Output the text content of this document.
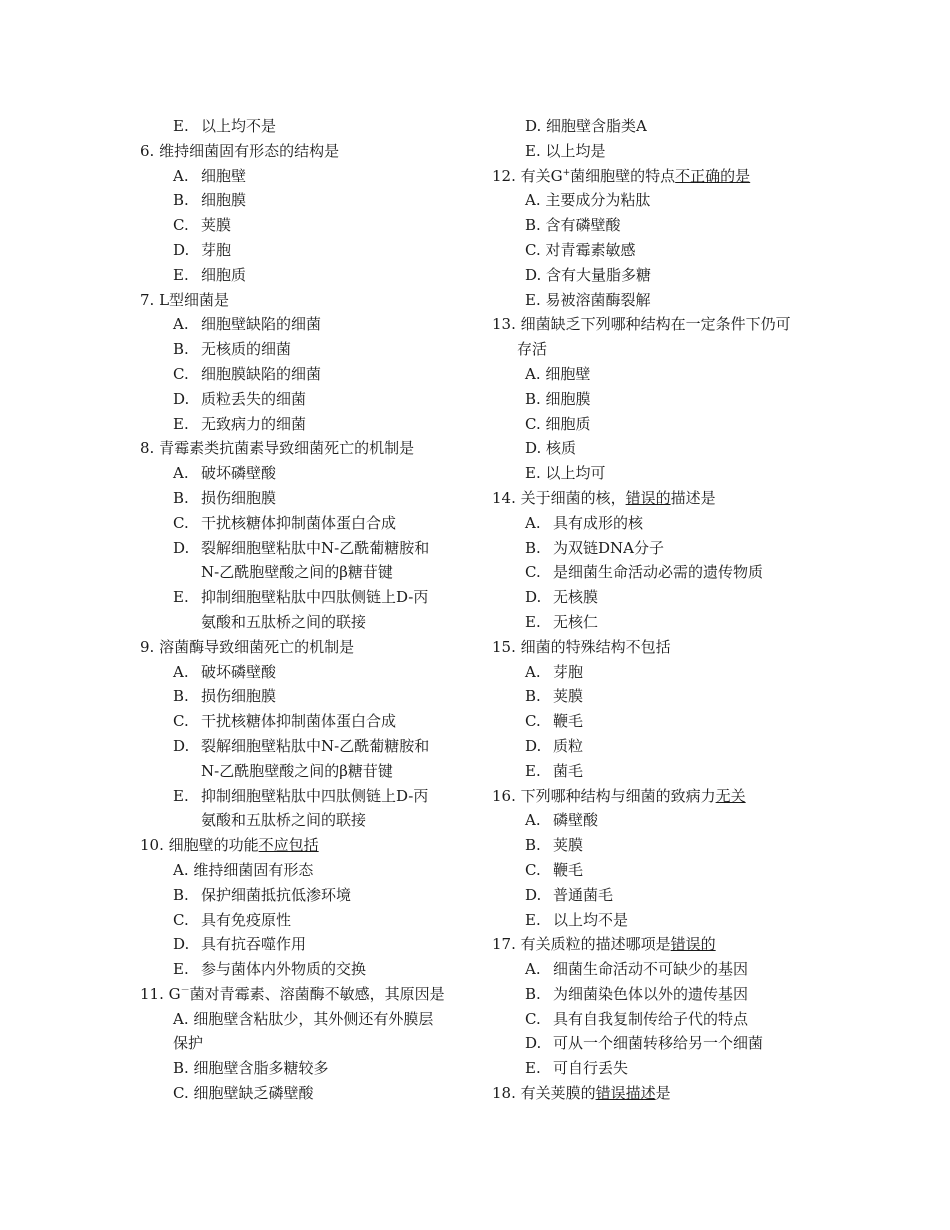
E. 以上均不是
6. 维持细菌固有形态的结构是
A. 细胞壁
B. 细胞膜
C. 荚膜
D. 芽胞
E. 细胞质
7. L型细菌是
A. 细胞壁缺陷的细菌
B. 无核质的细菌
C. 细胞膜缺陷的细菌
D. 质粒丢失的细菌
E. 无致病力的细菌
8. 青霉素类抗菌素导致细菌死亡的机制是
A. 破坏磷壁酸
B. 损伤细胞膜
C. 干扰核糖体抑制菌体蛋白合成
D. 裂解细胞壁粘肽中N-乙酰葡糖胺和
N-乙酰胞壁酸之间的β糖苷键
E. 抑制细胞壁粘肽中四肽侧链上D-丙
氨酸和五肽桥之间的联接
9. 溶菌酶导致细菌死亡的机制是
A. 破坏磷壁酸
B. 损伤细胞膜
C. 干扰核糖体抑制菌体蛋白合成
D. 裂解细胞壁粘肽中N-乙酰葡糖胺和
N-乙酰胞壁酸之间的β糖苷键
E. 抑制细胞壁粘肽中四肽侧链上D-丙
氨酸和五肽桥之间的联接
10. 细胞壁的功能不应包括
A. 维持细菌固有形态
B. 保护细菌抵抗低渗环境
C. 具有免疫原性
D. 具有抗吞噬作用
E. 参与菌体内外物质的交换
11. G－菌对青霉素、溶菌酶不敏感，其原因是
A. 细胞壁含粘肽少，其外侧还有外膜层
保护
B. 细胞壁含脂多糖较多
C. 细胞壁缺乏磷壁酸
D. 细胞壁含脂类A
E. 以上均是
12. 有关G+菌细胞壁的特点不正确的是
A. 主要成分为粘肽
B. 含有磷壁酸
C. 对青霉素敏感
D. 含有大量脂多糖
E. 易被溶菌酶裂解
13. 细菌缺乏下列哪种结构在一定条件下仍可
存活
A. 细胞壁
B. 细胞膜
C. 细胞质
D. 核质
E. 以上均可
14. 关于细菌的核，错误的描述是
A. 具有成形的核
B. 为双链DNA分子
C. 是细菌生命活动必需的遗传物质
D. 无核膜
E. 无核仁
15. 细菌的特殊结构不包括
A. 芽胞
B. 荚膜
C. 鞭毛
D. 质粒
E. 菌毛
16. 下列哪种结构与细菌的致病力无关
A. 磷壁酸
B. 荚膜
C. 鞭毛
D. 普通菌毛
E. 以上均不是
17. 有关质粒的描述哪项是错误的
A. 细菌生命活动不可缺少的基因
B. 为细菌染色体以外的遗传基因
C. 具有自我复制传给子代的特点
D. 可从一个细菌转移给另一个细菌
E. 可自行丢失
18. 有关荚膜的错误描述是
